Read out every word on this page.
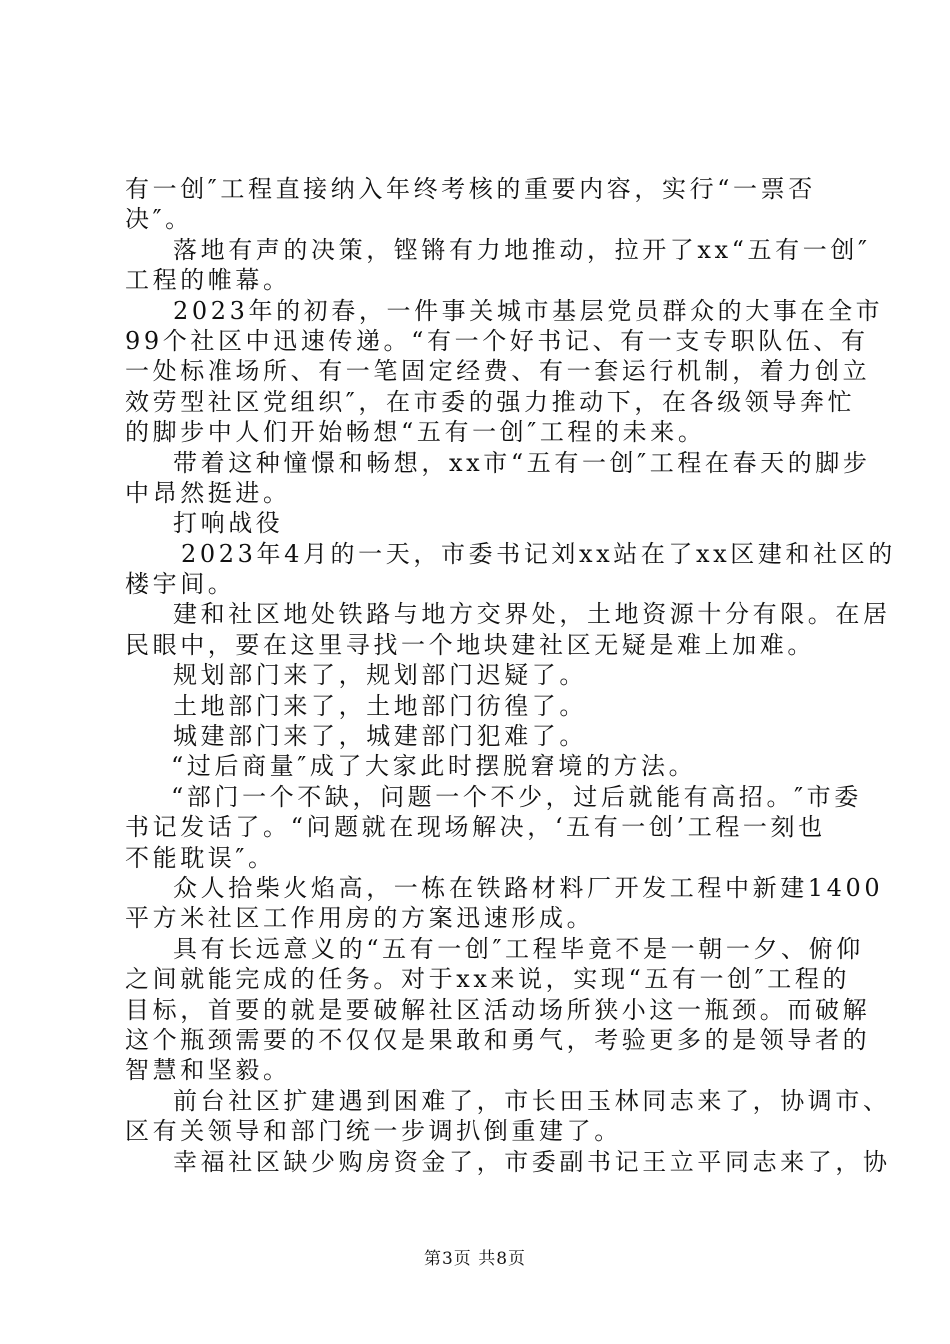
有一创″工程直接纳入年终考核的重要内容，实行“一票否
决″。
落地有声的决策，铿锵有力地推动，拉开了xx“五有一创″
工程的帷幕。
2023年的初春，一件事关城市基层党员群众的大事在全市
99个社区中迅速传递。“有一个好书记、有一支专职队伍、有
一处标准场所、有一笔固定经费、有一套运行机制，着力创立
效劳型社区党组织″，在市委的强力推动下，在各级领导奔忙
的脚步中人们开始畅想“五有一创″工程的未来。
带着这种憧憬和畅想，xx市“五有一创″工程在春天的脚步
中昂然挺进。
打响战役
2023年4月的一天，市委书记刘xx站在了xx区建和社区的
楼宇间。
建和社区地处铁路与地方交界处，土地资源十分有限。在居
民眼中，要在这里寻找一个地块建社区无疑是难上加难。
规划部门来了，规划部门迟疑了。
土地部门来了，土地部门彷徨了。
城建部门来了，城建部门犯难了。
“过后商量″成了大家此时摆脱窘境的方法。
“部门一个不缺，问题一个不少，过后就能有高招。″市委
书记发话了。“问题就在现场解决，‘五有一创’工程一刻也
不能耽误″。
众人拾柴火焰高，一栋在铁路材料厂开发工程中新建1400
平方米社区工作用房的方案迅速形成。
具有长远意义的“五有一创″工程毕竟不是一朝一夕、俯仰
之间就能完成的任务。对于xx来说，实现“五有一创″工程的
目标，首要的就是要破解社区活动场所狭小这一瓶颈。而破解
这个瓶颈需要的不仅仅是果敢和勇气，考验更多的是领导者的
智慧和坚毅。
前台社区扩建遇到困难了，市长田玉林同志来了，协调市、
区有关领导和部门统一步调扒倒重建了。
幸福社区缺少购房资金了，市委副书记王立平同志来了，协
第3页 共8页
